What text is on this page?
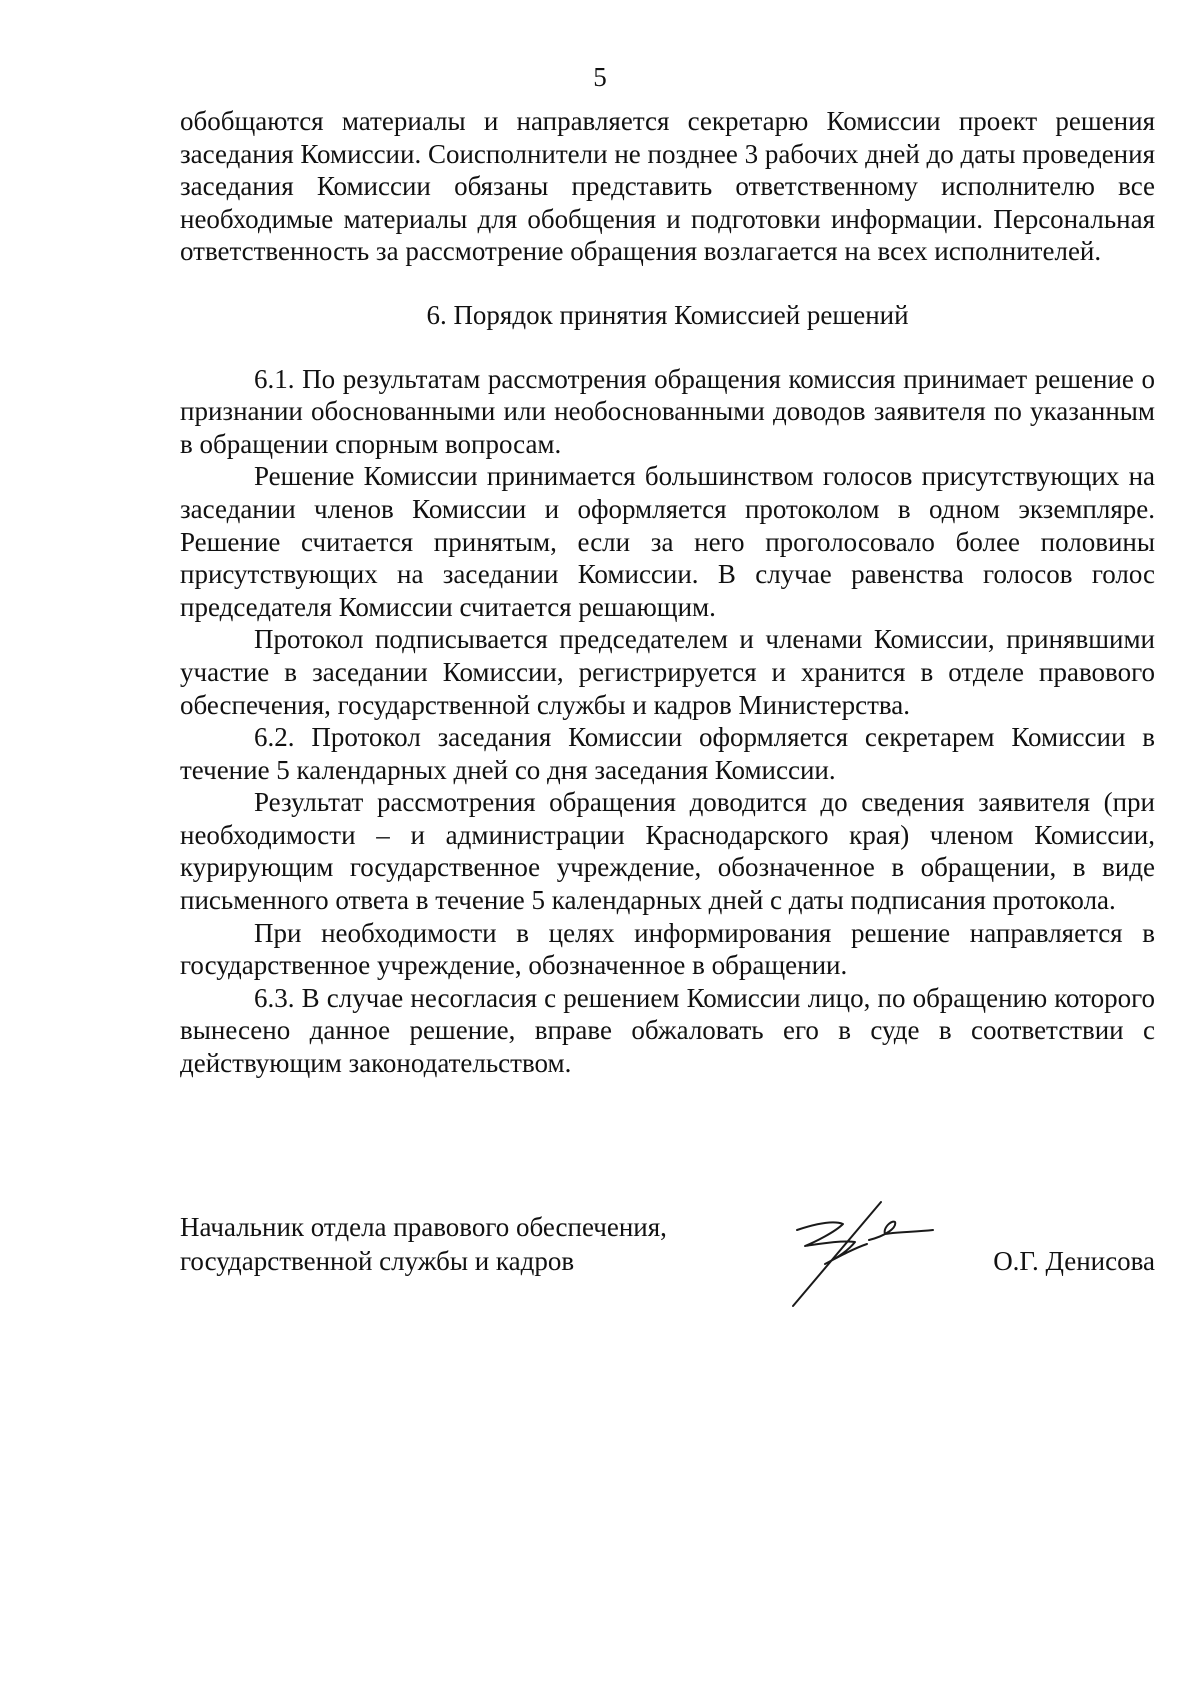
5

обобщаются материалы и направляется секретарю Комиссии проект решения заседания Комиссии. Соисполнители не позднее 3 рабочих дней до даты проведения заседания Комиссии обязаны представить ответственному исполнителю все необходимые материалы для обобщения и подготовки информации. Персональная ответственность за рассмотрение обращения возлагается на всех исполнителей.

6. Порядок принятия Комиссией решений

6.1. По результатам рассмотрения обращения комиссия принимает решение о признании обоснованными или необоснованными доводов заявителя по указанным в обращении спорным вопросам.

Решение Комиссии принимается большинством голосов присутствующих на заседании членов Комиссии и оформляется протоколом в одном экземпляре. Решение считается принятым, если за него проголосовало более половины присутствующих на заседании Комиссии. В случае равенства голосов голос председателя Комиссии считается решающим.

Протокол подписывается председателем и членами Комиссии, принявшими участие в заседании Комиссии, регистрируется и хранится в отделе правового обеспечения, государственной службы и кадров Министерства.

6.2. Протокол заседания Комиссии оформляется секретарем Комиссии в течение 5 календарных дней со дня заседания Комиссии.

Результат рассмотрения обращения доводится до сведения заявителя (при необходимости – и администрации Краснодарского края) членом Комиссии, курирующим государственное учреждение, обозначенное в обращении, в виде письменного ответа в течение 5 календарных дней с даты подписания протокола.

При необходимости в целях информирования решение направляется в государственное учреждение, обозначенное в обращении.

6.3. В случае несогласия с решением Комиссии лицо, по обращению которого вынесено данное решение, вправе обжаловать его в суде в соответствии с действующим законодательством.

Начальник отдела правового обеспечения,
государственной службы и кадров	О.Г. Денисова
